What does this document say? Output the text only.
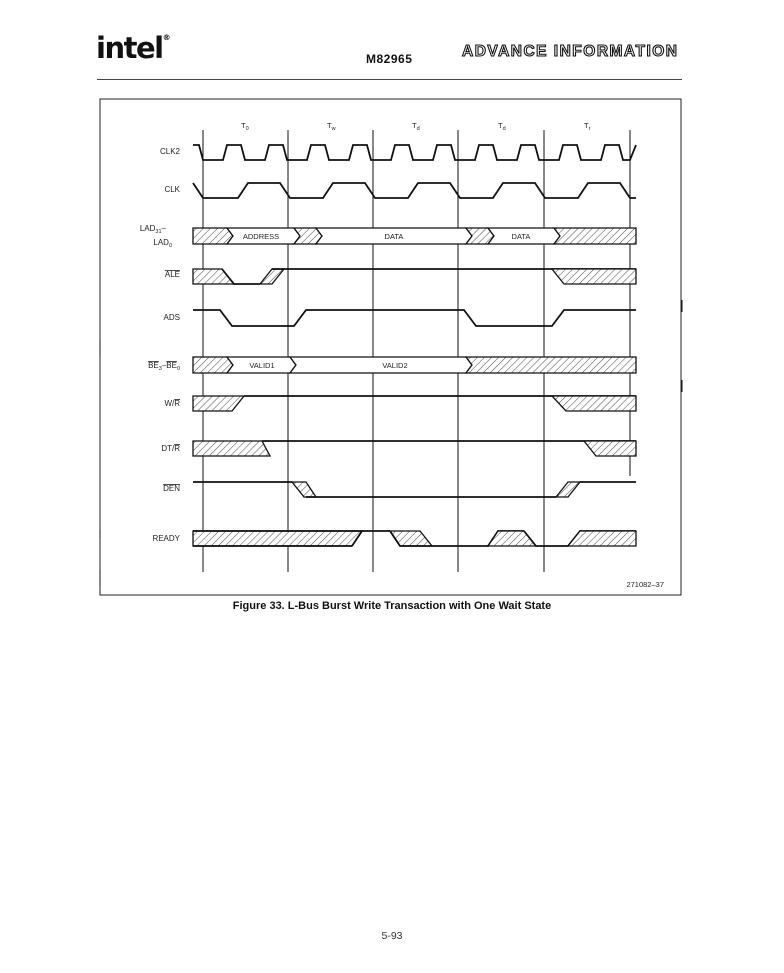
intel®
M82965	ADVANCE INFORMATION
$T_0$	$T_w$	$T_d$	$T_d$	$T_r$
CLK2
CLK
$LAD_{31}-$
$LAD_0$
ALE
ADS
$BE_3-BE_0$
W/R
DT/R
DEN
READY
ADDRESS	DATA	DATA
VALID1	VALID2
271082–37
Figure 33. L-Bus Burst Write Transaction with One Wait State
5-93
